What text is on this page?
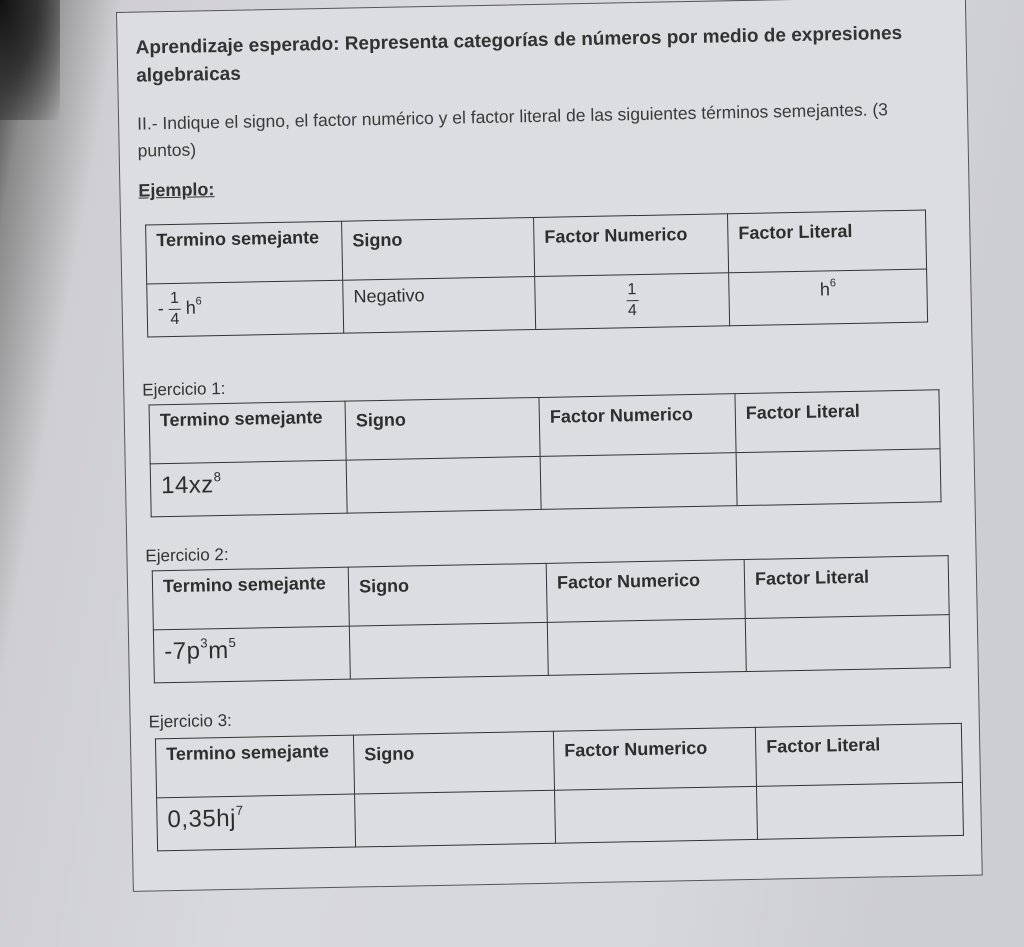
Aprendizaje esperado: Representa categorías de números por medio de expresiones algebraicas
II.- Indique el signo, el factor numérico y el factor literal de las siguientes términos semejantes. (3 puntos)
Ejemplo:
Termino semejante	Signo	Factor Numerico	Factor Literal
- $\frac{1}{4} h^6$	Negativo	$\frac{1}{4}$	$h^6$
Ejercicio 1:
Termino semejante	Signo	Factor Numerico	Factor Literal
$14xz^8$			
Ejercicio 2:
Termino semejante	Signo	Factor Numerico	Factor Literal
$-7p^3m^5$			
Ejercicio 3:
Termino semejante	Signo	Factor Numerico	Factor Literal
$0,35hj^7$			
